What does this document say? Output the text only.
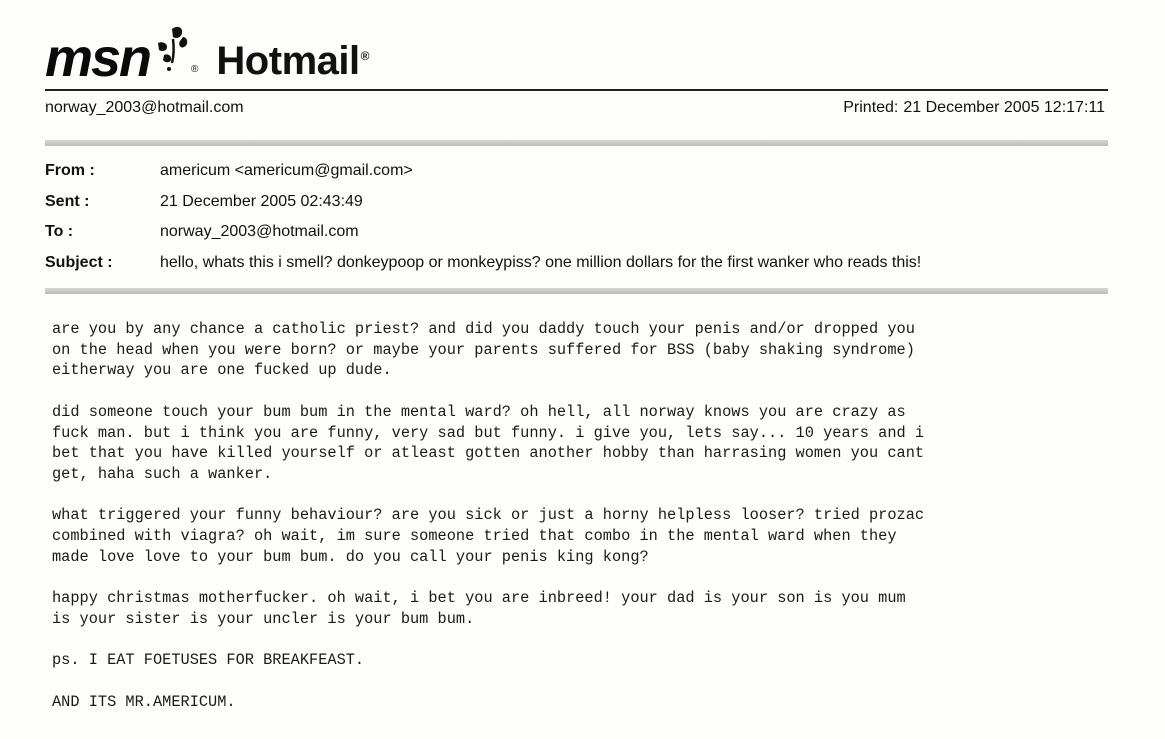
msn	® Hotmail®
norway_2003@hotmail.com	Printed: 21 December 2005 12:17:11
From :	americum <americum@gmail.com>
Sent :	21 December 2005 02:43:49
To :	norway_2003@hotmail.com
Subject :	hello, whats this i smell? donkeypoop or monkeypiss? one million dollars for the first wanker who reads this!

are you by any chance a catholic priest? and did you daddy touch your penis and/or dropped you
on the head when you were born? or maybe your parents suffered for BSS (baby shaking syndrome)
eitherway you are one fucked up dude.

did someone touch your bum bum in the mental ward? oh hell, all norway knows you are crazy as
fuck man. but i think you are funny, very sad but funny. i give you, lets say... 10 years and i
bet that you have killed yourself or atleast gotten another hobby than harrasing women you cant
get, haha such a wanker.

what triggered your funny behaviour? are you sick or just a horny helpless looser? tried prozac
combined with viagra? oh wait, im sure someone tried that combo in the mental ward when they
made love love to your bum bum. do you call your penis king kong?

happy christmas motherfucker. oh wait, i bet you are inbreed! your dad is your son is you mum
is your sister is your uncler is your bum bum.

ps. I EAT FOETUSES FOR BREAKFEAST.

AND ITS MR.AMERICUM.
